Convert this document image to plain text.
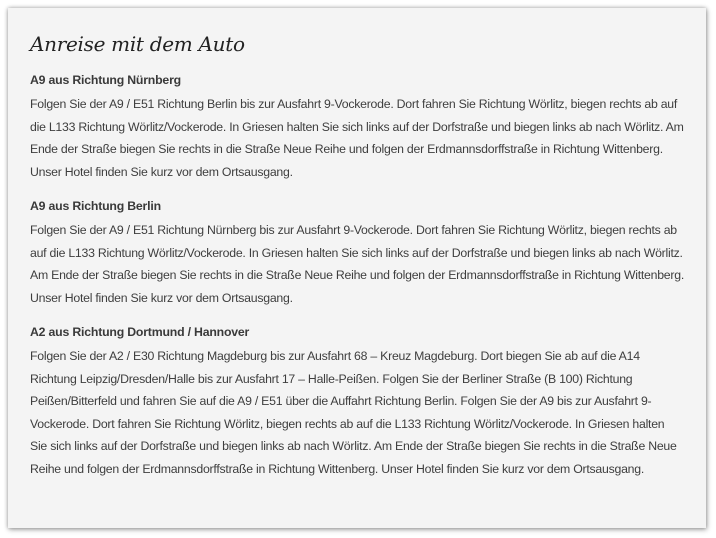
Anreise mit dem Auto
A9 aus Richtung Nürnberg

Folgen Sie der A9 / E51 Richtung Berlin bis zur Ausfahrt 9-Vockerode. Dort fahren Sie Richtung Wörlitz, biegen rechts ab auf die L133 Richtung Wörlitz/Vockerode. In Griesen halten Sie sich links auf der Dorfstraße und biegen links ab nach Wörlitz. Am Ende der Straße biegen Sie rechts in die Straße Neue Reihe und folgen der Erdmannsdorffstraße in Richtung Wittenberg. Unser Hotel finden Sie kurz vor dem Ortsausgang.

A9 aus Richtung Berlin

Folgen Sie der A9 / E51 Richtung Nürnberg bis zur Ausfahrt 9-Vockerode. Dort fahren Sie Richtung Wörlitz, biegen rechts ab auf die L133 Richtung Wörlitz/Vockerode. In Griesen halten Sie sich links auf der Dorfstraße und biegen links ab nach Wörlitz. Am Ende der Straße biegen Sie rechts in die Straße Neue Reihe und folgen der Erdmannsdorffstraße in Richtung Wittenberg. Unser Hotel finden Sie kurz vor dem Ortsausgang.

A2 aus Richtung Dortmund / Hannover

Folgen Sie der A2 / E30 Richtung Magdeburg bis zur Ausfahrt 68 – Kreuz Magdeburg. Dort biegen Sie ab auf die A14 Richtung Leipzig/Dresden/Halle bis zur Ausfahrt 17 – Halle-Peißen. Folgen Sie der Berliner Straße (B 100) Richtung Peißen/Bitterfeld und fahren Sie auf die A9 / E51 über die Auffahrt Richtung Berlin. Folgen Sie der A9 bis zur Ausfahrt 9-Vockerode. Dort fahren Sie Richtung Wörlitz, biegen rechts ab auf die L133 Richtung Wörlitz/Vockerode. In Griesen halten Sie sich links auf der Dorfstraße und biegen links ab nach Wörlitz. Am Ende der Straße biegen Sie rechts in die Straße Neue Reihe und folgen der Erdmannsdorffstraße in Richtung Wittenberg. Unser Hotel finden Sie kurz vor dem Ortsausgang.
